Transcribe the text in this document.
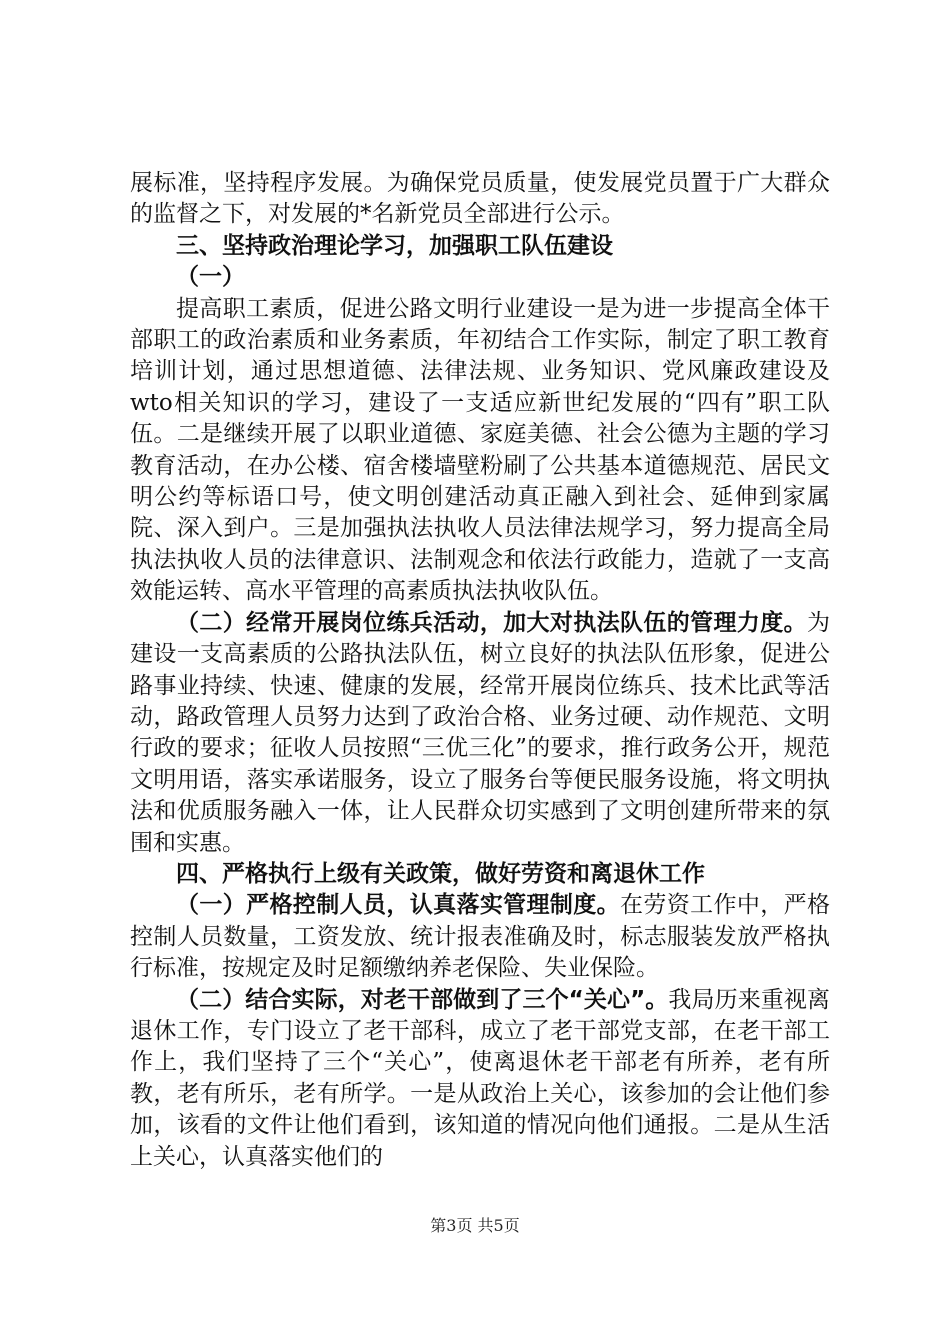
展标准，坚持程序发展。为确保党员质量，使发展党员置于广大群众的监督之下，对发展的*名新党员全部进行公示。

三、坚持政治理论学习，加强职工队伍建设

（一）

提高职工素质，促进公路文明行业建设一是为进一步提高全体干部职工的政治素质和业务素质，年初结合工作实际，制定了职工教育培训计划，通过思想道德、法律法规、业务知识、党风廉政建设及wto相关知识的学习，建设了一支适应新世纪发展的“四有”职工队伍。二是继续开展了以职业道德、家庭美德、社会公德为主题的学习教育活动，在办公楼、宿舍楼墙壁粉刷了公共基本道德规范、居民文明公约等标语口号，使文明创建活动真正融入到社会、延伸到家属院、深入到户。三是加强执法执收人员法律法规学习，努力提高全局执法执收人员的法律意识、法制观念和依法行政能力，造就了一支高效能运转、高水平管理的高素质执法执收队伍。

（二）经常开展岗位练兵活动，加大对执法队伍的管理力度。为建设一支高素质的公路执法队伍，树立良好的执法队伍形象，促进公路事业持续、快速、健康的发展，经常开展岗位练兵、技术比武等活动，路政管理人员努力达到了政治合格、业务过硬、动作规范、文明行政的要求；征收人员按照“三优三化”的要求，推行政务公开，规范文明用语，落实承诺服务，设立了服务台等便民服务设施，将文明执法和优质服务融入一体，让人民群众切实感到了文明创建所带来的氛围和实惠。

四、严格执行上级有关政策，做好劳资和离退休工作

（一）严格控制人员，认真落实管理制度。在劳资工作中，严格控制人员数量，工资发放、统计报表准确及时，标志服装发放严格执行标准，按规定及时足额缴纳养老保险、失业保险。

（二）结合实际，对老干部做到了三个“关心”。我局历来重视离退休工作，专门设立了老干部科，成立了老干部党支部，在老干部工作上，我们坚持了三个“关心”，使离退休老干部老有所养，老有所教，老有所乐，老有所学。一是从政治上关心，该参加的会让他们参加，该看的文件让他们看到，该知道的情况向他们通报。二是从生活上关心，认真落实他们的

第3页 共5页
